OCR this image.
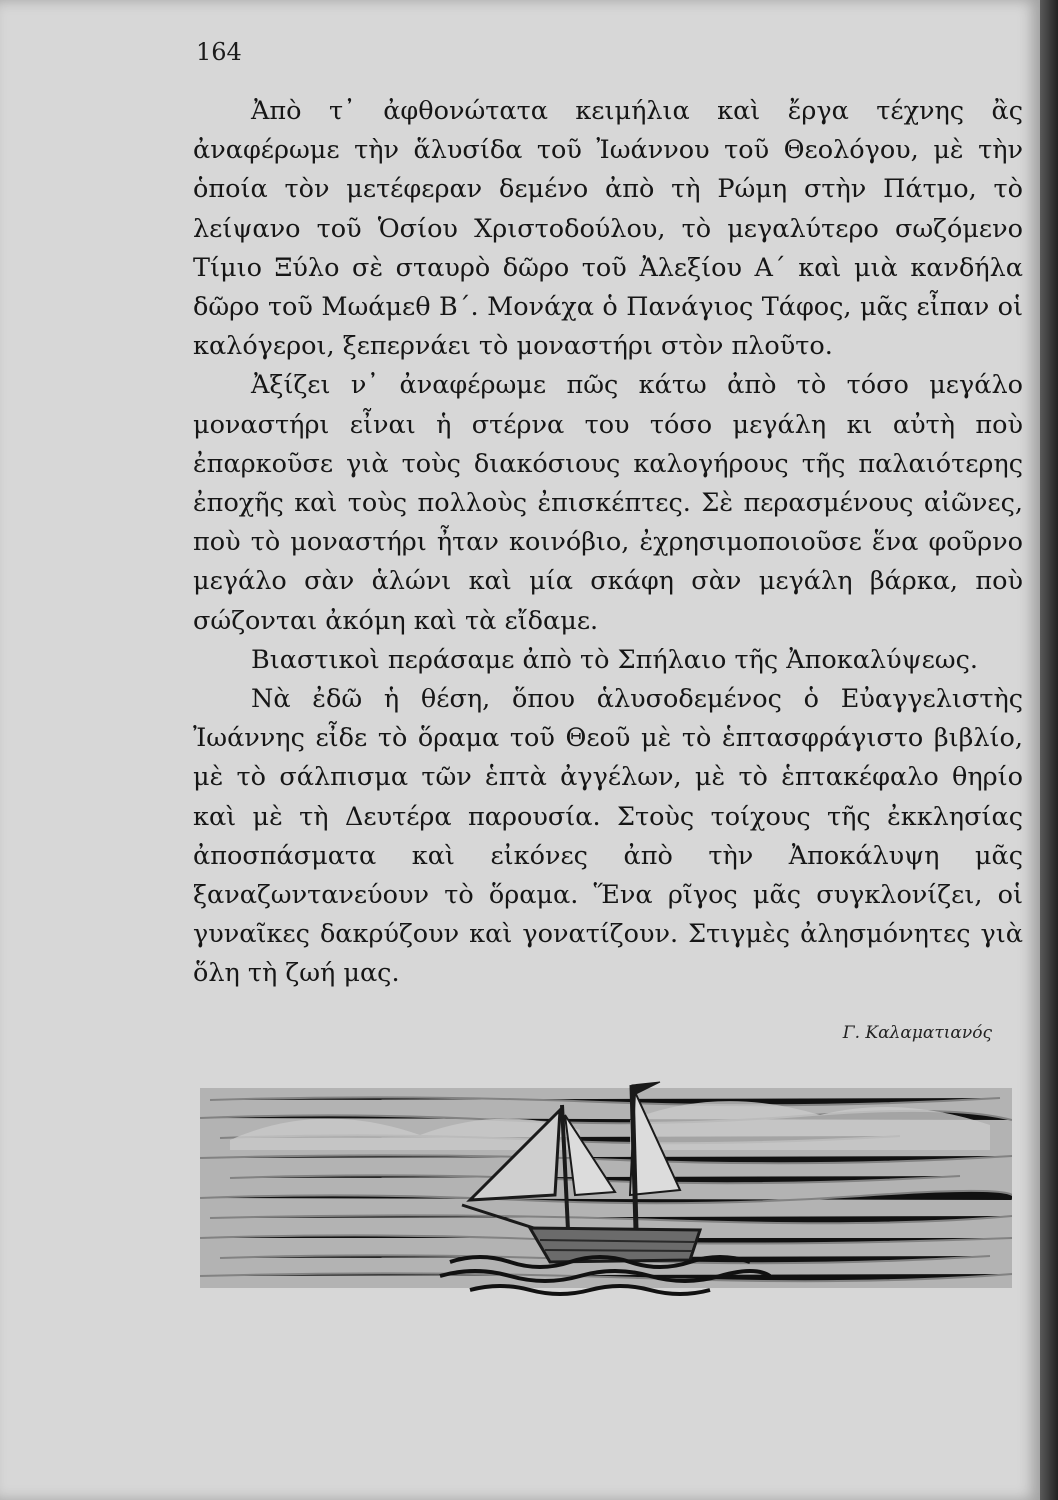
164

Ἀπὸ τ᾿ ἀφθονώτατα κειμήλια καὶ ἔργα τέχνης ἂς ἀναφέρωμε τὴν ἅλυσίδα τοῦ Ἰωάννου τοῦ Θεολόγου, μὲ τὴν ὁποία τὸν μετέφεραν δεμένο ἀπὸ τὴ Ρώμη στὴν Πάτμο, τὸ λείψανο τοῦ Ὁσίου Χριστοδούλου, τὸ μεγαλύτερο σωζόμενο Τίμιο Ξύλο σὲ σταυρὸ δῶρο τοῦ Ἀλεξίου Α΄ καὶ μιὰ κανδήλα δῶρο τοῦ Μωάμεθ Β΄. Μονάχα ὁ Πανάγιος Τάφος, μᾶς εἶπαν οἱ καλόγεροι, ξεπερνάει τὸ μοναστήρι στὸν πλοῦτο.

Ἀξίζει ν᾿ ἀναφέρωμε πῶς κάτω ἀπὸ τὸ τόσο μεγάλο μοναστήρι εἶναι ἡ στέρνα του τόσο μεγάλη κι αὐτὴ ποὺ ἐπαρκοῦσε γιὰ τοὺς διακόσιους καλογήρους τῆς παλαιότερης ἐποχῆς καὶ τοὺς πολλοὺς ἐπισκέπτες. Σὲ περασμένους αἰῶνες, ποὺ τὸ μοναστήρι ἦταν κοινόβιο, ἐχρησιμοποιοῦσε ἕνα φοῦρνο μεγάλο σὰν ἁλώνι καὶ μία σκάφη σὰν μεγάλη βάρκα, ποὺ σώζονται ἀκόμη καὶ τὰ εἴδαμε.

Βιαστικοὶ περάσαμε ἀπὸ τὸ Σπήλαιο τῆς Ἀποκαλύψεως.

Νὰ ἐδῶ ἡ θέση, ὅπου ἁλυσοδεμένος ὁ Εὐαγγελιστὴς Ἰωάννης εἶδε τὸ ὅραμα τοῦ Θεοῦ μὲ τὸ ἑπτασφράγιστο βιβλίο, μὲ τὸ σάλπισμα τῶν ἑπτὰ ἀγγέλων, μὲ τὸ ἑπτακέφαλο θηρίο καὶ μὲ τὴ Δευτέρα παρουσία. Στοὺς τοίχους τῆς ἐκκλησίας ἀποσπάσματα καὶ εἰκόνες ἀπὸ τὴν Ἀποκάλυψη μᾶς ξαναζωντανεύουν τὸ ὅραμα. Ἕνα ρῖγος μᾶς συγκλονίζει, οἱ γυναῖκες δακρύζουν καὶ γονατίζουν. Στιγμὲς ἀλησμόνητες γιὰ ὅλη τὴ ζωή μας.

Γ. Καλαματιανός
